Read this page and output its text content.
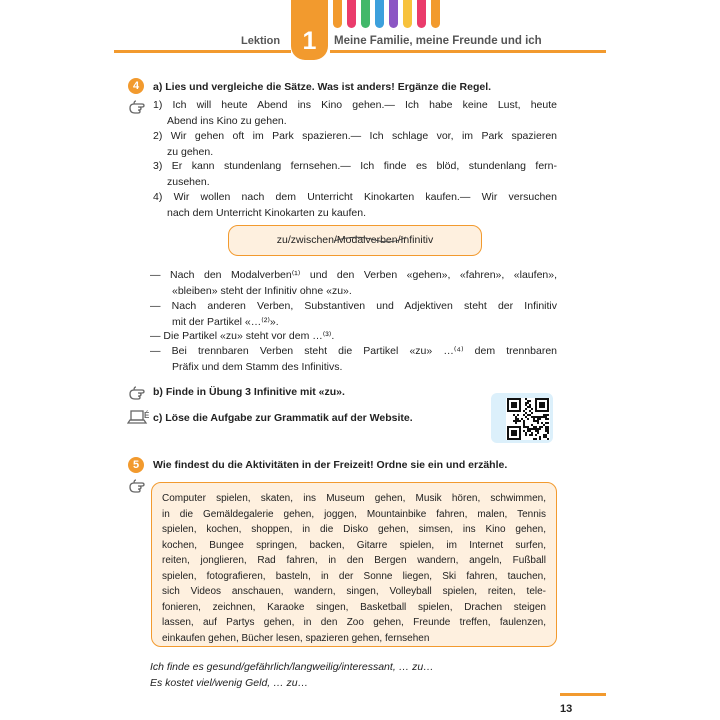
Lektion 1	Meine Familie, meine Freunde und ich
4	a) Lies und vergleiche die Sätze. Was ist anders! Ergänze die Regel.
1) Ich will heute Abend ins Kino gehen.— Ich habe keine Lust, heute
Abend ins Kino zu gehen.
2) Wir gehen oft im Park spazieren.— Ich schlage vor, im Park spazieren
zu gehen.
3) Er kann stundenlang fernsehen.— Ich finde es blöd, stundenlang fern-
zusehen.
4) Wir wollen nach dem Unterricht Kinokarten kaufen.— Wir versuchen
nach dem Unterricht Kinokarten zu kaufen.
zu/zwischen/Modalverben/Infinitiv
— Nach den Modalverben⁽¹⁾ und den Verben «gehen», «fahren», «laufen»,
«bleiben» steht der Infinitiv ohne «zu».
— Nach anderen Verben, Substantiven und Adjektiven steht der Infinitiv
mit der Partikel «…⁽²⁾».
— Die Partikel «zu» steht vor dem …⁽³⁾.
— Bei trennbaren Verben steht die Partikel «zu» …⁽⁴⁾ dem trennbaren
Präfix und dem Stamm des Infinitivs.
b) Finde in Übung 3 Infinitive mit «zu».
É c) Löse die Aufgabe zur Grammatik auf der Website.
5	Wie findest du die Aktivitäten in der Freizeit! Ordne sie ein und erzähle.
Computer spielen, skaten, ins Museum gehen, Musik hören, schwimmen,
in die Gemäldegalerie gehen, joggen, Mountainbike fahren, malen, Tennis
spielen, kochen, shoppen, in die Disko gehen, simsen, ins Kino gehen,
kochen, Bungee springen, backen, Gitarre spielen, im Internet surfen,
reiten, jonglieren, Rad fahren, in den Bergen wandern, angeln, Fußball
spielen, fotografieren, basteln, in der Sonne liegen, Ski fahren, tauchen,
sich Videos anschauen, wandern, singen, Volleyball spielen, reiten, tele-
fonieren, zeichnen, Karaoke singen, Basketball spielen, Drachen steigen
lassen, auf Partys gehen, in den Zoo gehen, Freunde treffen, faulenzen,
einkaufen gehen, Bücher lesen, spazieren gehen, fernsehen
Ich finde es gesund/gefährlich/langweilig/interessant, … zu…
Es kostet viel/wenig Geld, … zu…
13
